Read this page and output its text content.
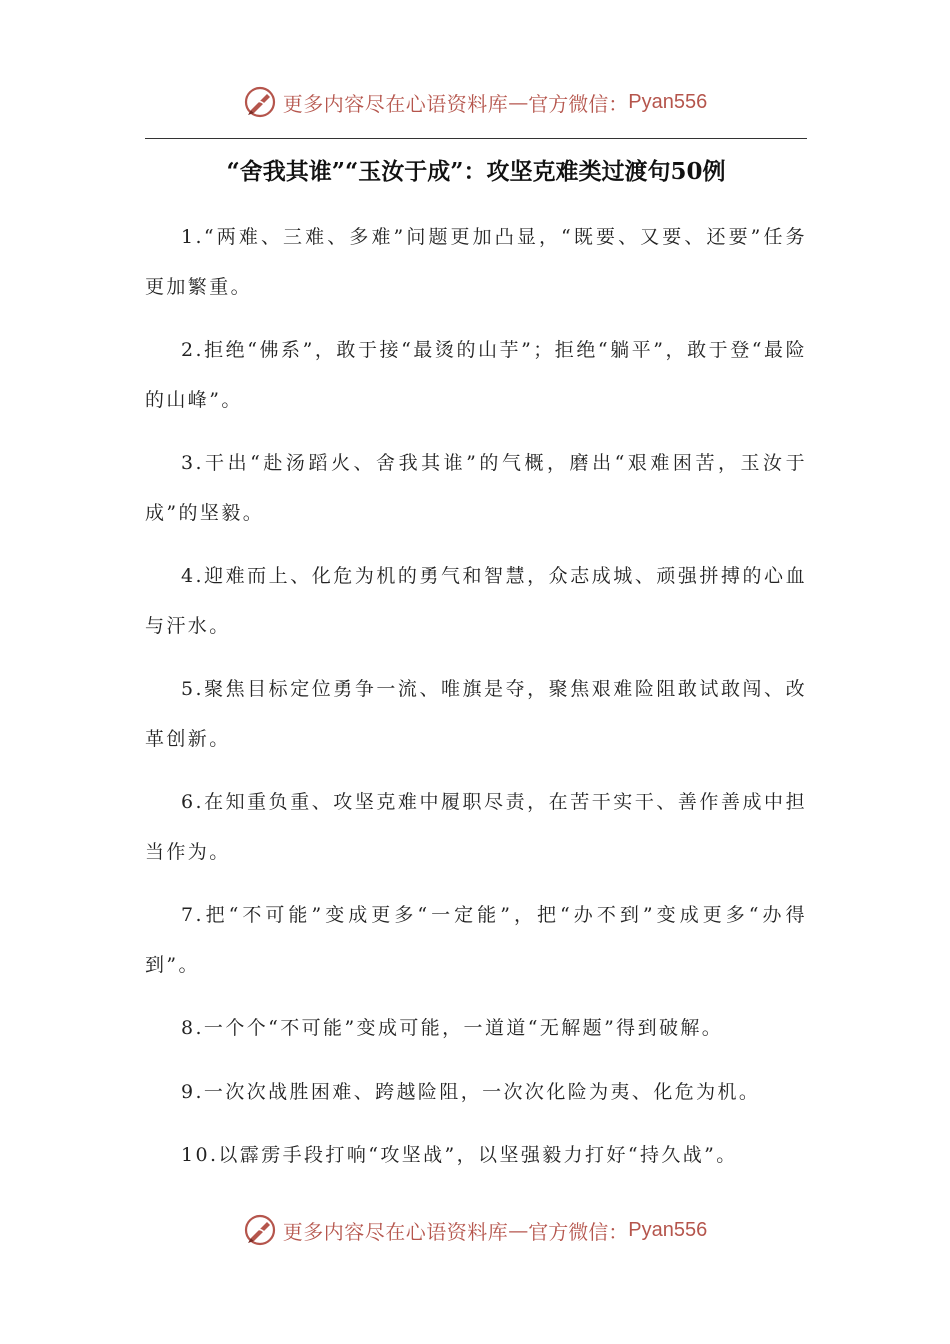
更多内容尽在心语资料库 — 官方微信： Pyan556
“舍我其谁”“玉汝于成”：攻坚克难类过渡句50例

1.“两难、三难、多难”问题更加凸显，“既要、又要、还要”任务更加繁重。

2.拒绝“佛系”，敢于接“最烫的山芋”；拒绝“躺平”，敢于登“最险的山峰”。

3.干出“赴汤蹈火、舍我其谁”的气概，磨出“艰难困苦，玉汝于成”的坚毅。

4.迎难而上、化危为机的勇气和智慧，众志成城、顽强拼搏的心血与汗水。

5.聚焦目标定位勇争一流、唯旗是夺，聚焦艰难险阻敢试敢闯、改革创新。

6.在知重负重、攻坚克难中履职尽责，在苦干实干、善作善成中担当作为。

7.把“不可能”变成更多“一定能”，把“办不到”变成更多“办得到”。

8.一个个“不可能”变成可能，一道道“无解题”得到破解。

9.一次次战胜困难、跨越险阻，一次次化险为夷、化危为机。

10.以霹雳手段打响“攻坚战”，以坚强毅力打好“持久战”。

更多内容尽在心语资料库 — 官方微信： Pyan556
